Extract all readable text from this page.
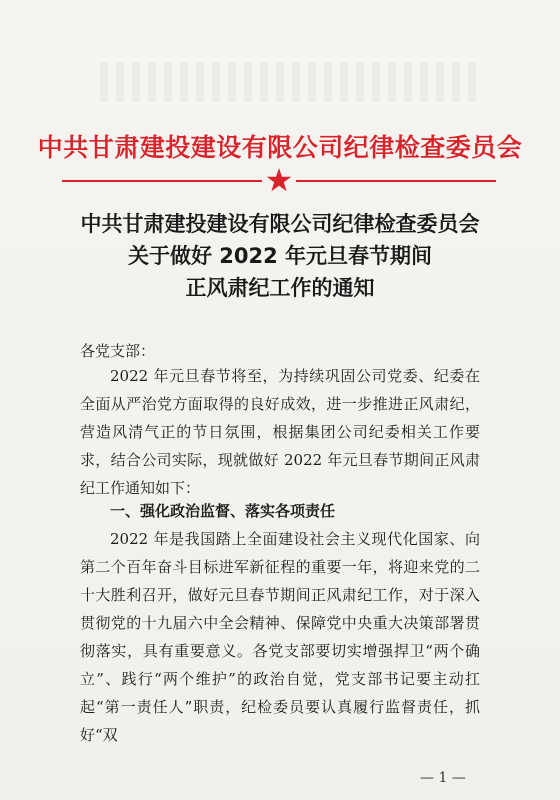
中共甘肃建投建设有限公司纪律检查委员会
中共甘肃建投建设有限公司纪律检查委员会
关于做好 2022 年元旦春节期间
正风肃纪工作的通知
各党支部：
2022 年元旦春节将至，为持续巩固公司党委、纪委在全面从严治党方面取得的良好成效，进一步推进正风肃纪，营造风清气正的节日氛围，根据集团公司纪委相关工作要求，结合公司实际，现就做好 2022 年元旦春节期间正风肃纪工作通知如下：
一、强化政治监督、落实各项责任
2022 年是我国踏上全面建设社会主义现代化国家、向第二个百年奋斗目标进军新征程的重要一年，将迎来党的二十大胜利召开，做好元旦春节期间正风肃纪工作，对于深入贯彻党的十九届六中全会精神、保障党中央重大决策部署贯彻落实，具有重要意义。各党支部要切实增强捍卫“两个确立”、践行“两个维护”的政治自觉，党支部书记要主动扛起“第一责任人”职责，纪检委员要认真履行监督责任，抓好“双
— 1 —
